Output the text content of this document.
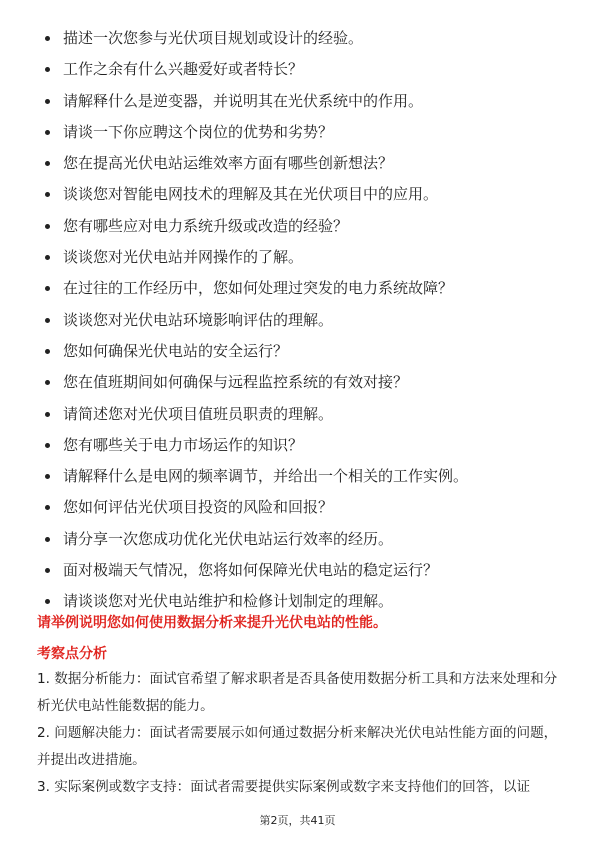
描述一次您参与光伏项目规划或设计的经验。
工作之余有什么兴趣爱好或者特长？
请解释什么是逆变器，并说明其在光伏系统中的作用。
请谈一下你应聘这个岗位的优势和劣势？
您在提高光伏电站运维效率方面有哪些创新想法？
谈谈您对智能电网技术的理解及其在光伏项目中的应用。
您有哪些应对电力系统升级或改造的经验？
谈谈您对光伏电站并网操作的了解。
在过往的工作经历中，您如何处理过突发的电力系统故障？
谈谈您对光伏电站环境影响评估的理解。
您如何确保光伏电站的安全运行？
您在值班期间如何确保与远程监控系统的有效对接？
请简述您对光伏项目值班员职责的理解。
您有哪些关于电力市场运作的知识？
请解释什么是电网的频率调节，并给出一个相关的工作实例。
您如何评估光伏项目投资的风险和回报？
请分享一次您成功优化光伏电站运行效率的经历。
面对极端天气情况，您将如何保障光伏电站的稳定运行？
请谈谈您对光伏电站维护和检修计划制定的理解。

请举例说明您如何使用数据分析来提升光伏电站的性能。

考察点分析

1. 数据分析能力：面试官希望了解求职者是否具备使用数据分析工具和方法来处理和分析光伏电站性能数据的能力。
2. 问题解决能力：面试者需要展示如何通过数据分析来解决光伏电站性能方面的问题，并提出改进措施。
3. 实际案例或数字支持：面试者需要提供实际案例或数字来支持他们的回答，以证
第2页，共41页
